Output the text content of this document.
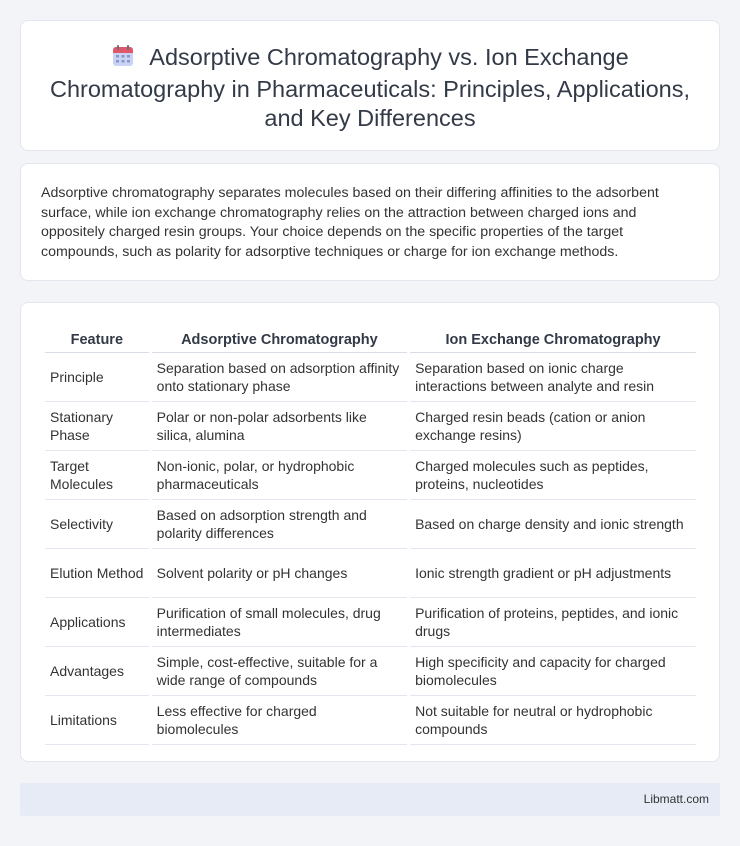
Adsorptive Chromatography vs. Ion Exchange Chromatography in Pharmaceuticals: Principles, Applications, and Key Differences

Adsorptive chromatography separates molecules based on their differing affinities to the adsorbent surface, while ion exchange chromatography relies on the attraction between charged ions and oppositely charged resin groups. Your choice depends on the specific properties of the target compounds, such as polarity for adsorptive techniques or charge for ion exchange methods.

Feature	Adsorptive Chromatography	Ion Exchange Chromatography
Principle	Separation based on adsorption affinity onto stationary phase	Separation based on ionic charge interactions between analyte and resin
Stationary Phase	Polar or non-polar adsorbents like silica, alumina	Charged resin beads (cation or anion exchange resins)
Target Molecules	Non-ionic, polar, or hydrophobic pharmaceuticals	Charged molecules such as peptides, proteins, nucleotides
Selectivity	Based on adsorption strength and polarity differences	Based on charge density and ionic strength
Elution Method	Solvent polarity or pH changes	Ionic strength gradient or pH adjustments
Applications	Purification of small molecules, drug intermediates	Purification of proteins, peptides, and ionic drugs
Advantages	Simple, cost-effective, suitable for a wide range of compounds	High specificity and capacity for charged biomolecules
Limitations	Less effective for charged biomolecules	Not suitable for neutral or hydrophobic compounds
Libmatt.com
